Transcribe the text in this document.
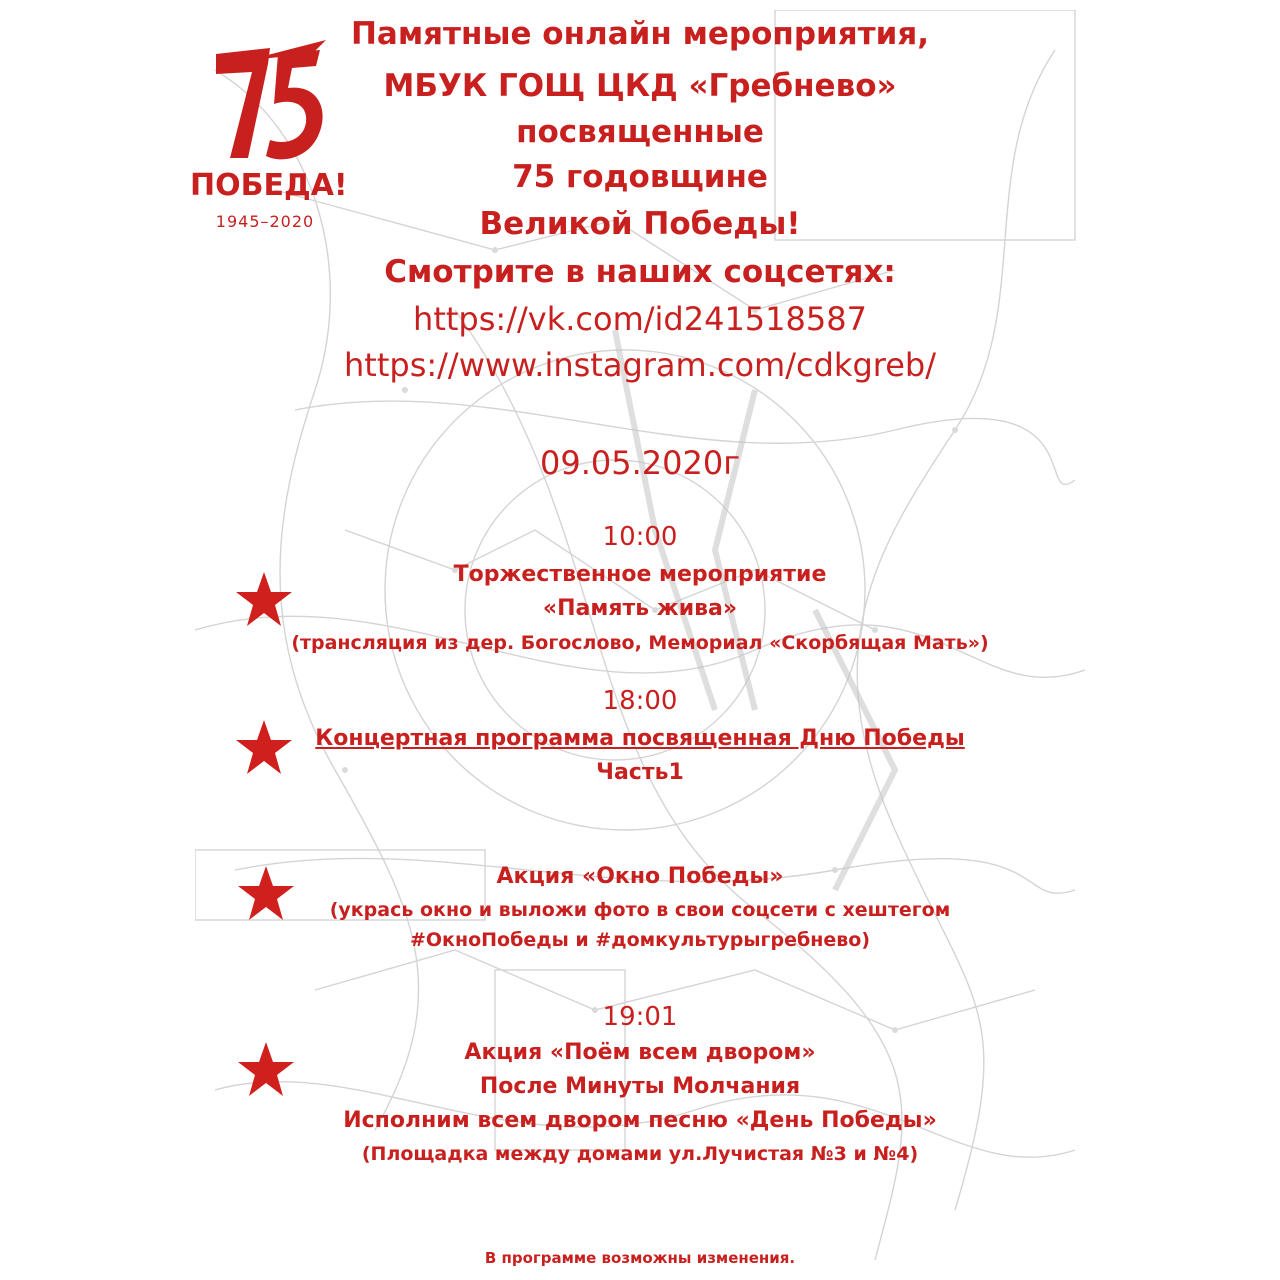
ПОБЕДА!
1945–2020
Памятные онлайн мероприятия,
МБУК ГОЩ ЦКД «Гребнево»
посвященные
75 годовщине
Великой Победы!
Смотрите в наших соцсетях:
https://vk.com/id241518587
https://www.instagram.com/cdkgreb/
09.05.2020г
10:00
Торжественное мероприятие
«Память жива»
(трансляция из дер. Богослово, Мемориал «Скорбящая Мать»)
18:00
Концертная программа посвященная Дню Победы
Часть1
Акция «Окно Победы»
(укрась окно и выложи фото в свои соцсети с хештегом
#ОкноПобеды и #домкультурыгребнево)
19:01
Акция «Поём всем двором»
После Минуты Молчания
Исполним всем двором песню «День Победы»
(Площадка между домами ул.Лучистая №3 и №4)
В программе возможны изменения.
